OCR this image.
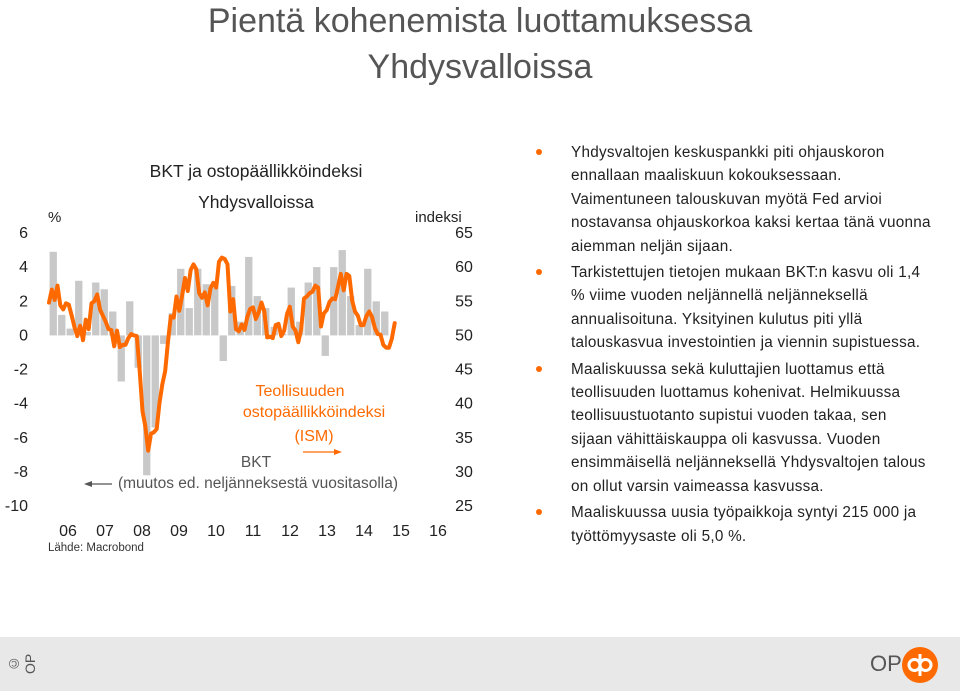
Pientä kohenemista luottamuksessa
Yhdysvalloissa
BKT ja ostopäällikköindeksi
Yhdysvalloissa
%	indeksi
6
4
2
0
-2
-4
-6
-8
-10
65
60
55
50
45
40
35
30
25
06 07 08 09 10 11 12 13 14 15 16
Teollisuuden
ostopäällikköindeksi
(ISM)
BKT
(muutos ed. neljänneksestä vuositasolla)
Lähde: Macrobond
Yhdysvaltojen keskuspankki piti ohjauskoron ennallaan maaliskuun kokouksessaan. Vaimentuneen talouskuvan myötä Fed arvioi nostavansa ohjauskorkoa kaksi kertaa tänä vuonna aiemman neljän sijaan.
Tarkistettujen tietojen mukaan BKT:n kasvu oli 1,4 % viime vuoden neljännellä neljänneksellä annualisoituna. Yksityinen kulutus piti yllä talouskasvua investointien ja viennin supistuessa.
Maaliskuussa sekä kuluttajien luottamus että teollisuuden luottamus kohenivat. Helmikuussa teollisuustuotanto supistui vuoden takaa, sen sijaan vähittäiskauppa oli kasvussa. Vuoden ensimmäisellä neljänneksellä Yhdysvaltojen talous on ollut varsin vaimeassa kasvussa.
Maaliskuussa uusia työpaikkoja syntyi 215 000 ja työttömyysaste oli 5,0 %.
© OP	OP
